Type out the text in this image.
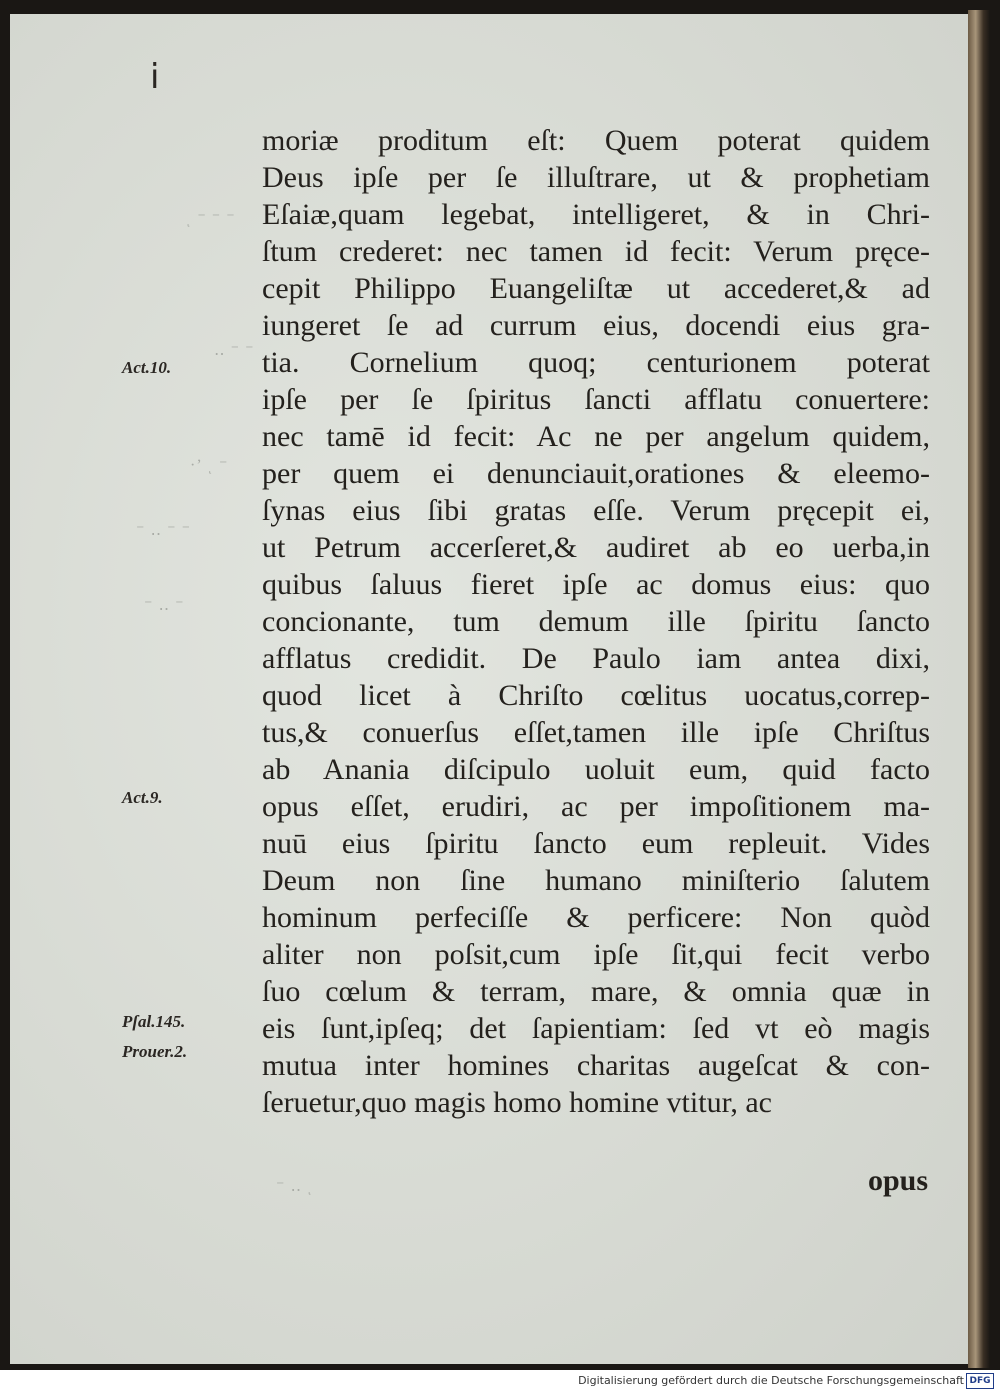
i
ͺ ⁻ ⁻ ⁻
‥ ⁻ ⁻
·ʼ ͺ ⁻
⁻ ‥ ⁻ ⁻
⁻ ‥ ⁻
⁻ ‥ ͺ
moriæ proditum eſt: Quem poterat quidem
Deus ipſe per ſe illuſtrare, ut & prophetiam
Eſaiæ,quam legebat, intelligeret, & in Chri-
ſtum crederet: nec tamen id fecit: Verum pręce-
cepit Philippo Euangeliſtæ ut accederet,& ad
iungeret ſe ad currum eius, docendi eius gra-
tia. Cornelium quoq; centurionem poterat
ipſe per ſe ſpiritus ſancti afflatu conuertere:
nec tamē id fecit: Ac ne per angelum quidem,
per quem ei denunciauit,orationes & eleemo-
ſynas eius ſibi gratas eſſe. Verum pręcepit ei,
ut Petrum accerſeret,& audiret ab eo uerba,in
quibus ſaluus fieret ipſe ac domus eius: quo
concionante, tum demum ille ſpiritu ſancto
afflatus credidit. De Paulo iam antea dixi,
quod licet à Chriſto cœlitus uocatus,correp-
tus,& conuerſus eſſet,tamen ille ipſe Chriſtus
ab Anania diſcipulo uoluit eum, quid facto
opus eſſet, erudiri, ac per impoſitionem ma-
nuū eius ſpiritu ſancto eum repleuit. Vides
Deum non ſine humano miniſterio ſalutem
hominum perfeciſſe & perficere: Non quòd
aliter non poſsit,cum ipſe ſit,qui fecit verbo
ſuo cœlum & terram, mare, & omnia quæ in
eis ſunt,ipſeq; det ſapientiam: ſed vt eò magis
mutua inter homines charitas augeſcat & con-
ſeruetur,quo magis homo homine vtitur, ac
Act.10.
Act.9.
Pſal.145.
Prouer.2.
opus
Digitalisierung gefördert durch die Deutsche Forschungsgemeinschaft DFG
